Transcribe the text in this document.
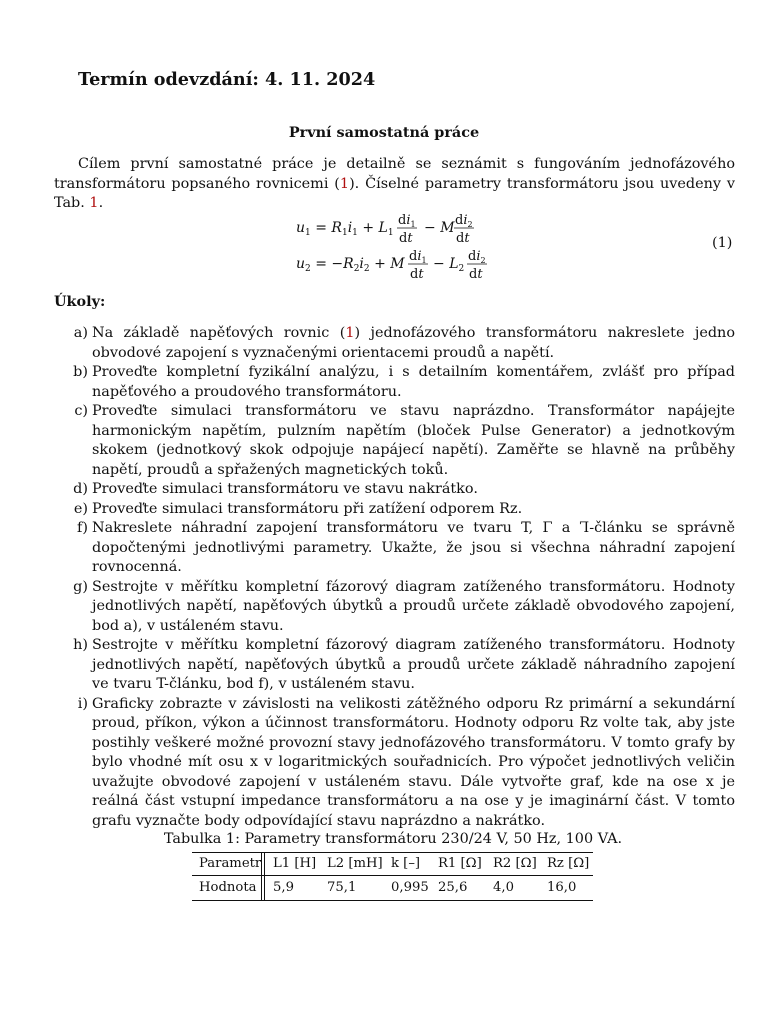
Termín odevzdání: 4. 11. 2024
První samostatná práce

Cílem první samostatné práce je detailně se seznámit s fungováním jednofázového transformátoru popsaného rovnicemi (1). Číselné parametry transformátoru jsou uvedeny v Tab. 1.

$u_1 = R_1i_1 + L_1$
$di_1$
dt
− M $di_2$
dt
$u_2 = -R_2i_2 + M$ $di_1$
dt
− $L_2$
$di_2$
dt
(1)
Úkoly:
a) Na základě napěťových rovnic (1) jednofázového transformátoru nakreslete jedno obvodové zapojení s vyznačenými orientacemi proudů a napětí.
b) Proveďte kompletní fyzikální analýzu, i s detailním komentářem, zvlášť pro případ napěťového a proudového transformátoru.
c) Proveďte simulaci transformátoru ve stavu naprázdno. Transformátor napájejte harmonickým napětím, pulzním napětím (bloček Pulse Generator) a jednotkovým skokem (jednotkový skok odpojuje napájecí napětí). Zaměřte se hlavně na průběhy napětí, proudů a spřažených magnetických toků.
d) Proveďte simulaci transformátoru ve stavu nakrátko.
e) Proveďte simulaci transformátoru při zatížení odporem Rz.
f) Nakreslete náhradní zapojení transformátoru ve tvaru T, Γ a Ꞁ-článku se správně dopočtenými jednotlivými parametry. Ukažte, že jsou si všechna náhradní zapojení rovnocenná.
g) Sestrojte v měřítku kompletní fázorový diagram zatíženého transformátoru. Hodnoty jednotlivých napětí, napěťových úbytků a proudů určete základě obvodového zapojení, bod a), v ustáleném stavu.
h) Sestrojte v měřítku kompletní fázorový diagram zatíženého transformátoru. Hodnoty jednotlivých napětí, napěťových úbytků a proudů určete základě náhradního zapojení ve tvaru T-článku, bod f), v ustáleném stavu.
i) Graficky zobrazte v závislosti na velikosti zátěžného odporu Rz primární a sekundární proud, příkon, výkon a účinnost transformátoru. Hodnoty odporu Rz volte tak, aby jste postihly veškeré možné provozní stavy jednofázového transformátoru. V tomto grafy by bylo vhodné mít osu x v logaritmických souřadnicích. Pro výpočet jednotlivých veličin uvažujte obvodové zapojení v ustáleném stavu. Dále vytvořte graf, kde na ose x je reálná část vstupní impedance transformátoru a na ose y je imaginární část. V tomto grafu vyznačte body odpovídající stavu naprázdno a nakrátko.
Tabulka 1: Parametry transformátoru 230/24 V, 50 Hz, 100 VA.
Parametr L1 [H] L2 [mH] k [–] R1 [Ω] R2 [Ω] Rz [Ω]
Hodnota 5,9	75,1	0,995 25,6 4,0	16,0
